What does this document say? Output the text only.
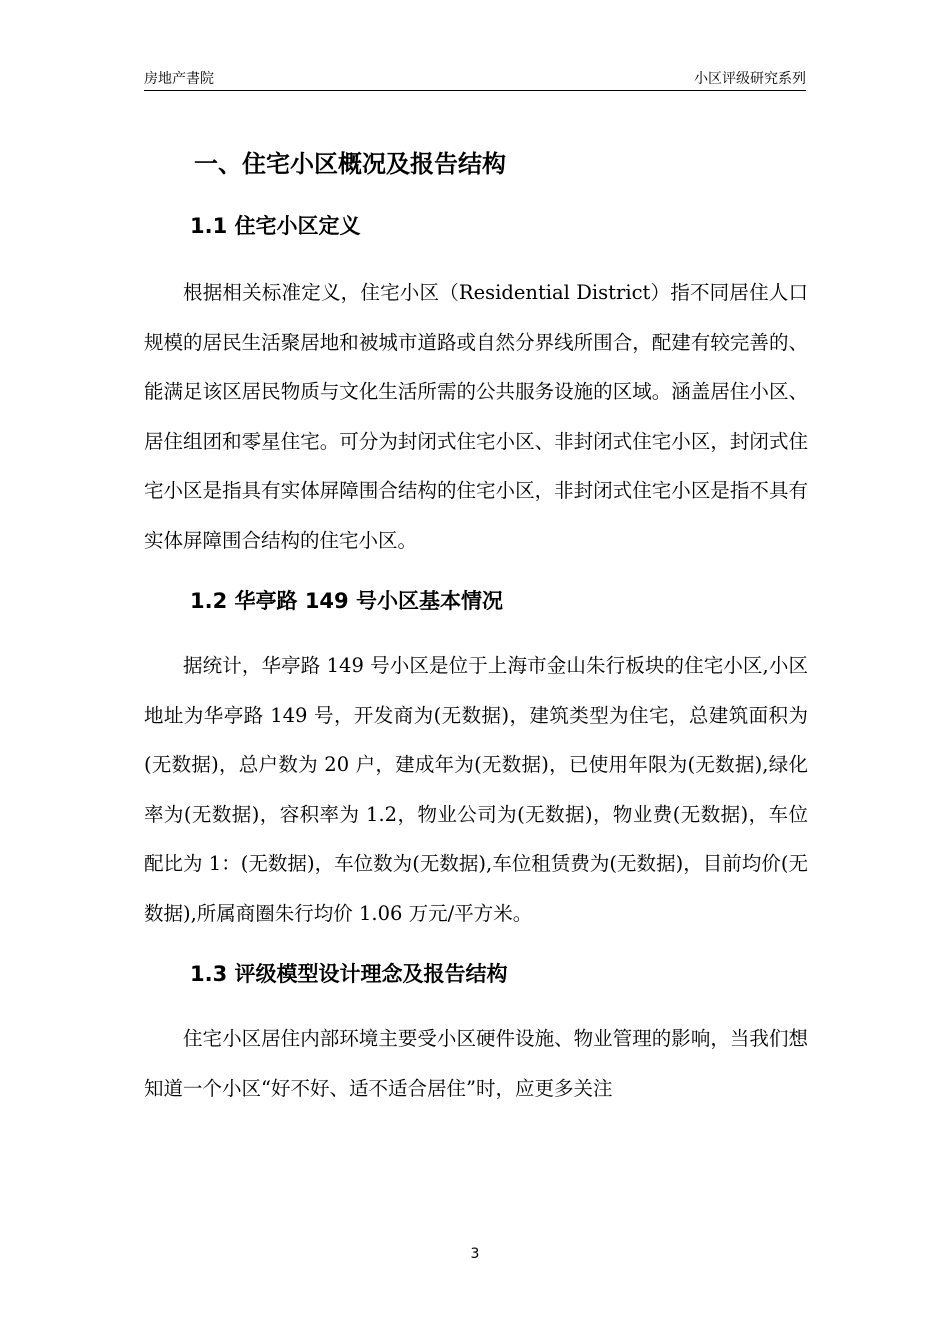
房地产書院	小区评级研究系列
一、住宅小区概况及报告结构
1.1 住宅小区定义

根据相关标准定义，住宅小区（Residential District）指不同居住人口规模的居民生活聚居地和被城市道路或自然分界线所围合，配建有较完善的、能满足该区居民物质与文化生活所需的公共服务设施的区域。涵盖居住小区、居住组团和零星住宅。可分为封闭式住宅小区、非封闭式住宅小区，封闭式住宅小区是指具有实体屏障围合结构的住宅小区，非封闭式住宅小区是指不具有实体屏障围合结构的住宅小区。

1.2 华亭路 149 号小区基本情况

据统计，华亭路 149 号小区是位于上海市金山朱行板块的住宅小区,小区地址为华亭路 149 号，开发商为(无数据)，建筑类型为住宅，总建筑面积为(无数据)，总户数为 20 户，建成年为(无数据)，已使用年限为(无数据),绿化率为(无数据)，容积率为 1.2，物业公司为(无数据)，物业费(无数据)，车位配比为 1：(无数据)，车位数为(无数据),车位租赁费为(无数据)，目前均价(无数据),所属商圈朱行均价 1.06 万元/平方米。

1.3 评级模型设计理念及报告结构

住宅小区居住内部环境主要受小区硬件设施、物业管理的影响，当我们想知道一个小区“好不好、适不适合居住”时，应更多关注

3
